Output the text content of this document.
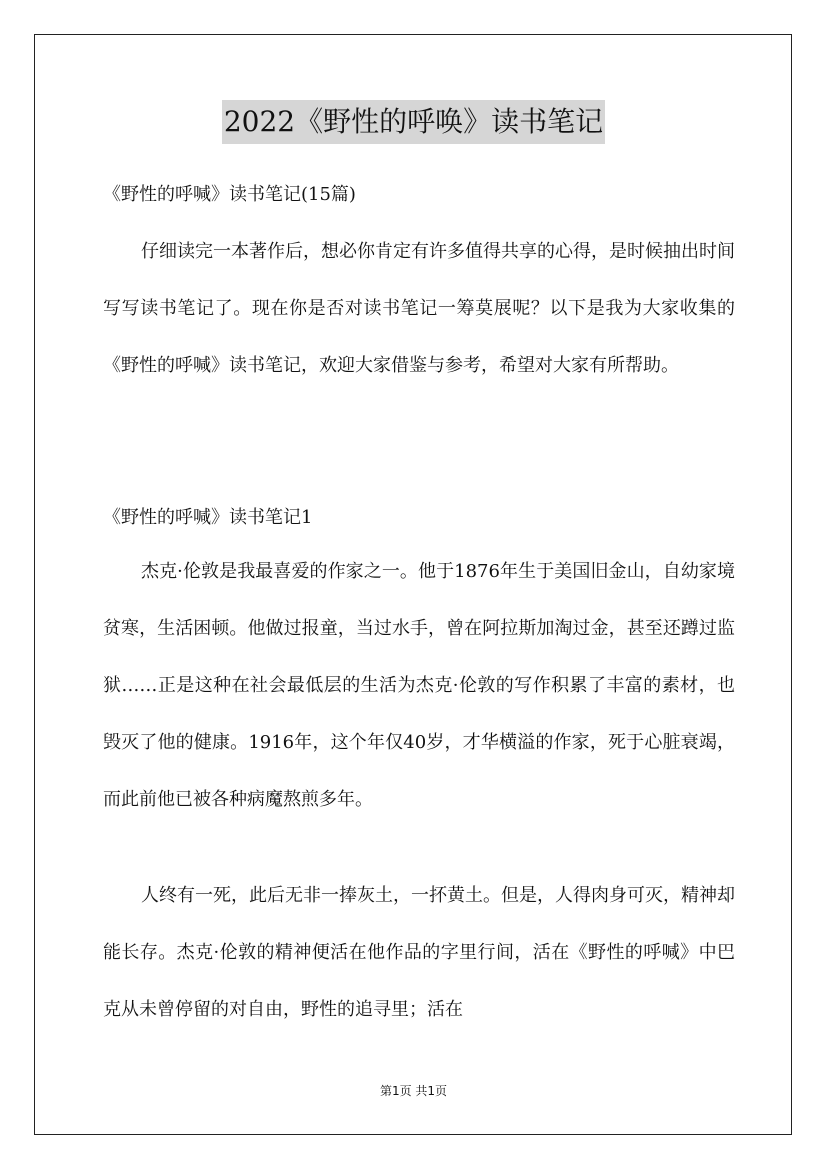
2022《野性的呼唤》读书笔记
《野性的呼喊》读书笔记(15篇)
仔细读完一本著作后，想必你肯定有许多值得共享的心得，是时候抽出时间写写读书笔记了。现在你是否对读书笔记一筹莫展呢？以下是我为大家收集的《野性的呼喊》读书笔记，欢迎大家借鉴与参考，希望对大家有所帮助。
《野性的呼喊》读书笔记1
杰克·伦敦是我最喜爱的作家之一。他于1876年生于美国旧金山，自幼家境贫寒，生活困顿。他做过报童，当过水手，曾在阿拉斯加淘过金，甚至还蹲过监狱……正是这种在社会最低层的生活为杰克·伦敦的写作积累了丰富的素材，也毁灭了他的健康。1916年，这个年仅40岁，才华横溢的作家，死于心脏衰竭，而此前他已被各种病魔熬煎多年。
人终有一死，此后无非一捧灰土，一抔黄土。但是，人得肉身可灭，精神却能长存。杰克·伦敦的精神便活在他作品的字里行间，活在《野性的呼喊》中巴克从未曾停留的对自由，野性的追寻里；活在
第1页 共1页
